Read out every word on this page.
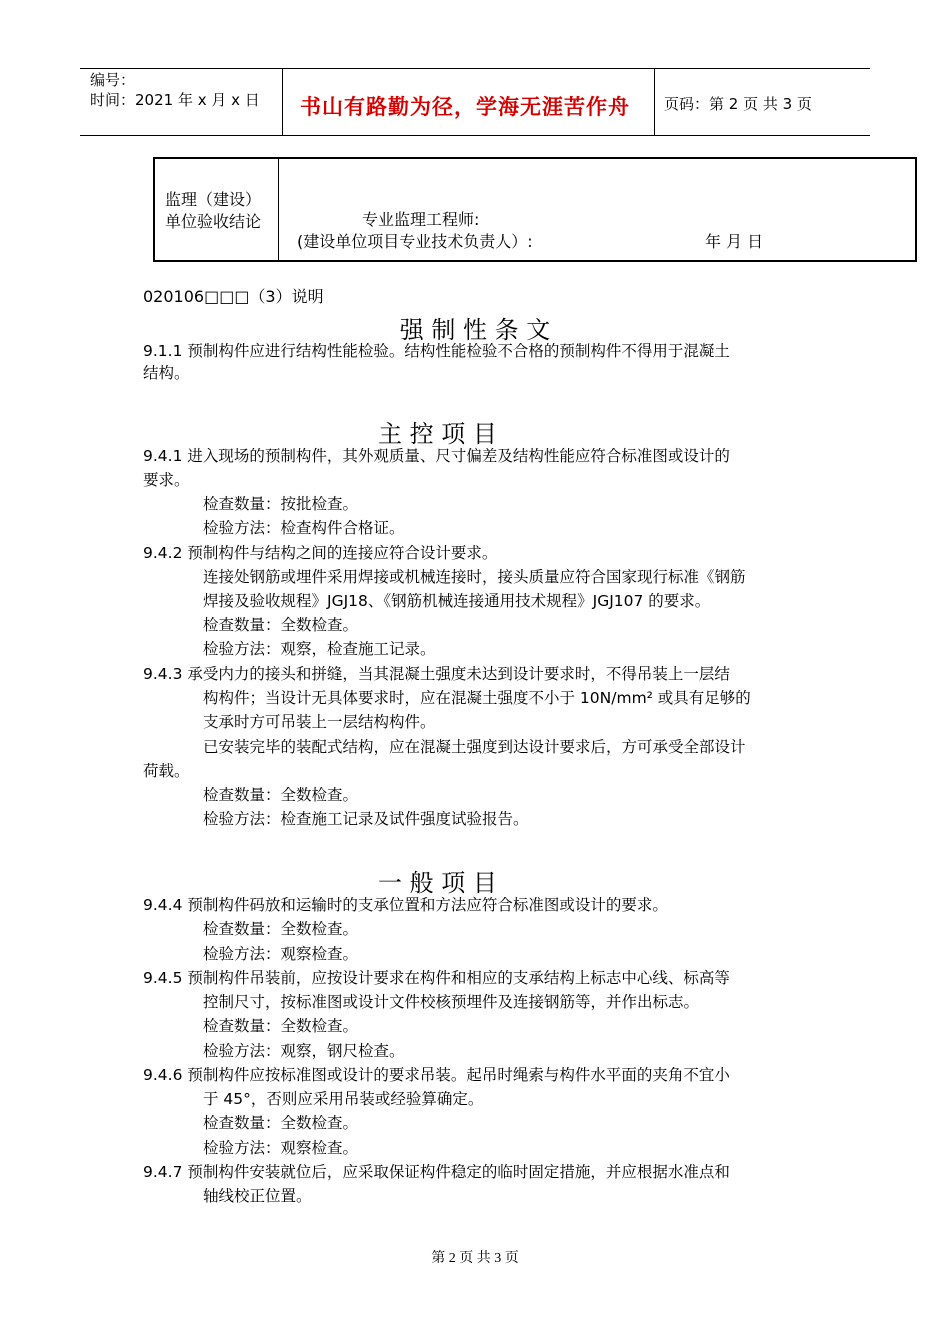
编号：
时间：2021 年 x 月 x 日 书山有路勤为径，学海无涯苦作舟 页码：第 2 页 共 3 页
监理（建设）
单位验收结论	专业监理工程师:
(建设单位项目专业技术负责人）:	年 月 日
020106□□□（3）说明
强 制 性 条 文
9.1.1 预制构件应进行结构性能检验。结构性能检验不合格的预制构件不得用于混凝土
结构。
主 控 项 目
9.4.1 进入现场的预制构件，其外观质量、尺寸偏差及结构性能应符合标准图或设计的
要求。
检查数量：按批检查。
检验方法：检查构件合格证。
9.4.2 预制构件与结构之间的连接应符合设计要求。
连接处钢筋或埋件采用焊接或机械连接时，接头质量应符合国家现行标准《钢筋
焊接及验收规程》JGJ18、《钢筋机械连接通用技术规程》JGJ107 的要求。
检查数量：全数检查。
检验方法：观察，检查施工记录。
9.4.3 承受内力的接头和拼缝，当其混凝土强度未达到设计要求时，不得吊装上一层结
构构件；当设计无具体要求时，应在混凝土强度不小于 10N/mm² 或具有足够的
支承时方可吊装上一层结构构件。
已安装完毕的装配式结构，应在混凝土强度到达设计要求后，方可承受全部设计
荷载。
检查数量：全数检查。
检验方法：检查施工记录及试件强度试验报告。
一 般 项 目
9.4.4 预制构件码放和运输时的支承位置和方法应符合标准图或设计的要求。
检查数量：全数检查。
检验方法：观察检查。
9.4.5 预制构件吊装前，应按设计要求在构件和相应的支承结构上标志中心线、标高等
控制尺寸，按标准图或设计文件校核预埋件及连接钢筋等，并作出标志。
检查数量：全数检查。
检验方法：观察，钢尺检查。
9.4.6 预制构件应按标准图或设计的要求吊装。起吊时绳索与构件水平面的夹角不宜小
于 45°，否则应采用吊装或经验算确定。
检查数量：全数检查。
检验方法：观察检查。
9.4.7 预制构件安装就位后，应采取保证构件稳定的临时固定措施，并应根据水准点和
轴线校正位置。
第 2 页 共 3 页
